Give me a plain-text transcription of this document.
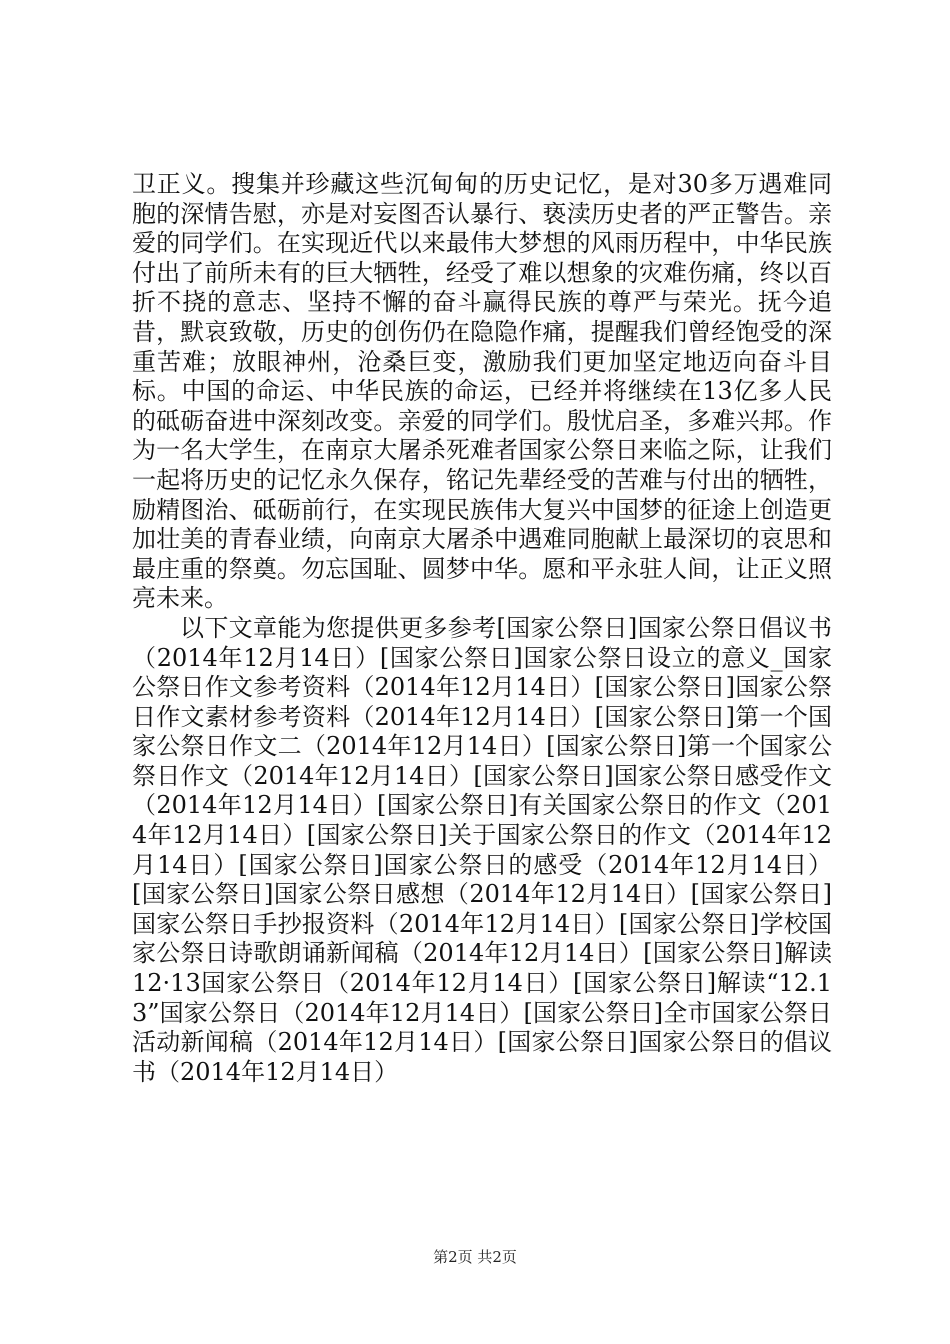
卫正义。搜集并珍藏这些沉甸甸的历史记忆，是对30多万遇难同胞的深情告慰，亦是对妄图否认暴行、亵渎历史者的严正警告。亲爱的同学们。在实现近代以来最伟大梦想的风雨历程中，中华民族付出了前所未有的巨大牺牲，经受了难以想象的灾难伤痛，终以百折不挠的意志、坚持不懈的奋斗赢得民族的尊严与荣光。抚今追昔，默哀致敬，历史的创伤仍在隐隐作痛，提醒我们曾经饱受的深重苦难；放眼神州，沧桑巨变，激励我们更加坚定地迈向奋斗目标。中国的命运、中华民族的命运，已经并将继续在13亿多人民的砥砺奋进中深刻改变。亲爱的同学们。殷忧启圣，多难兴邦。作为一名大学生，在南京大屠杀死难者国家公祭日来临之际，让我们一起将历史的记忆永久保存，铭记先辈经受的苦难与付出的牺牲，励精图治、砥砺前行，在实现民族伟大复兴中国梦的征途上创造更加壮美的青春业绩，向南京大屠杀中遇难同胞献上最深切的哀思和最庄重的祭奠。勿忘国耻、圆梦中华。愿和平永驻人间，让正义照亮未来。

以下文章能为您提供更多参考[国家公祭日]国家公祭日倡议书（2014年12月14日）[国家公祭日]国家公祭日设立的意义_国家公祭日作文参考资料（2014年12月14日）[国家公祭日]国家公祭日作文素材参考资料（2014年12月14日）[国家公祭日]第一个国家公祭日作文二（2014年12月14日）[国家公祭日]第一个国家公祭日作文（2014年12月14日）[国家公祭日]国家公祭日感受作文（2014年12月14日）[国家公祭日]有关国家公祭日的作文（2014年12月14日）[国家公祭日]关于国家公祭日的作文（2014年12月14日）[国家公祭日]国家公祭日的感受（2014年12月14日）[国家公祭日]国家公祭日感想（2014年12月14日）[国家公祭日]国家公祭日手抄报资料（2014年12月14日）[国家公祭日]学校国家公祭日诗歌朗诵新闻稿（2014年12月14日）[国家公祭日]解读12·13国家公祭日（2014年12月14日）[国家公祭日]解读“12.13”国家公祭日（2014年12月14日）[国家公祭日]全市国家公祭日活动新闻稿（2014年12月14日）[国家公祭日]国家公祭日的倡议书（2014年12月14日）

第2页 共2页
